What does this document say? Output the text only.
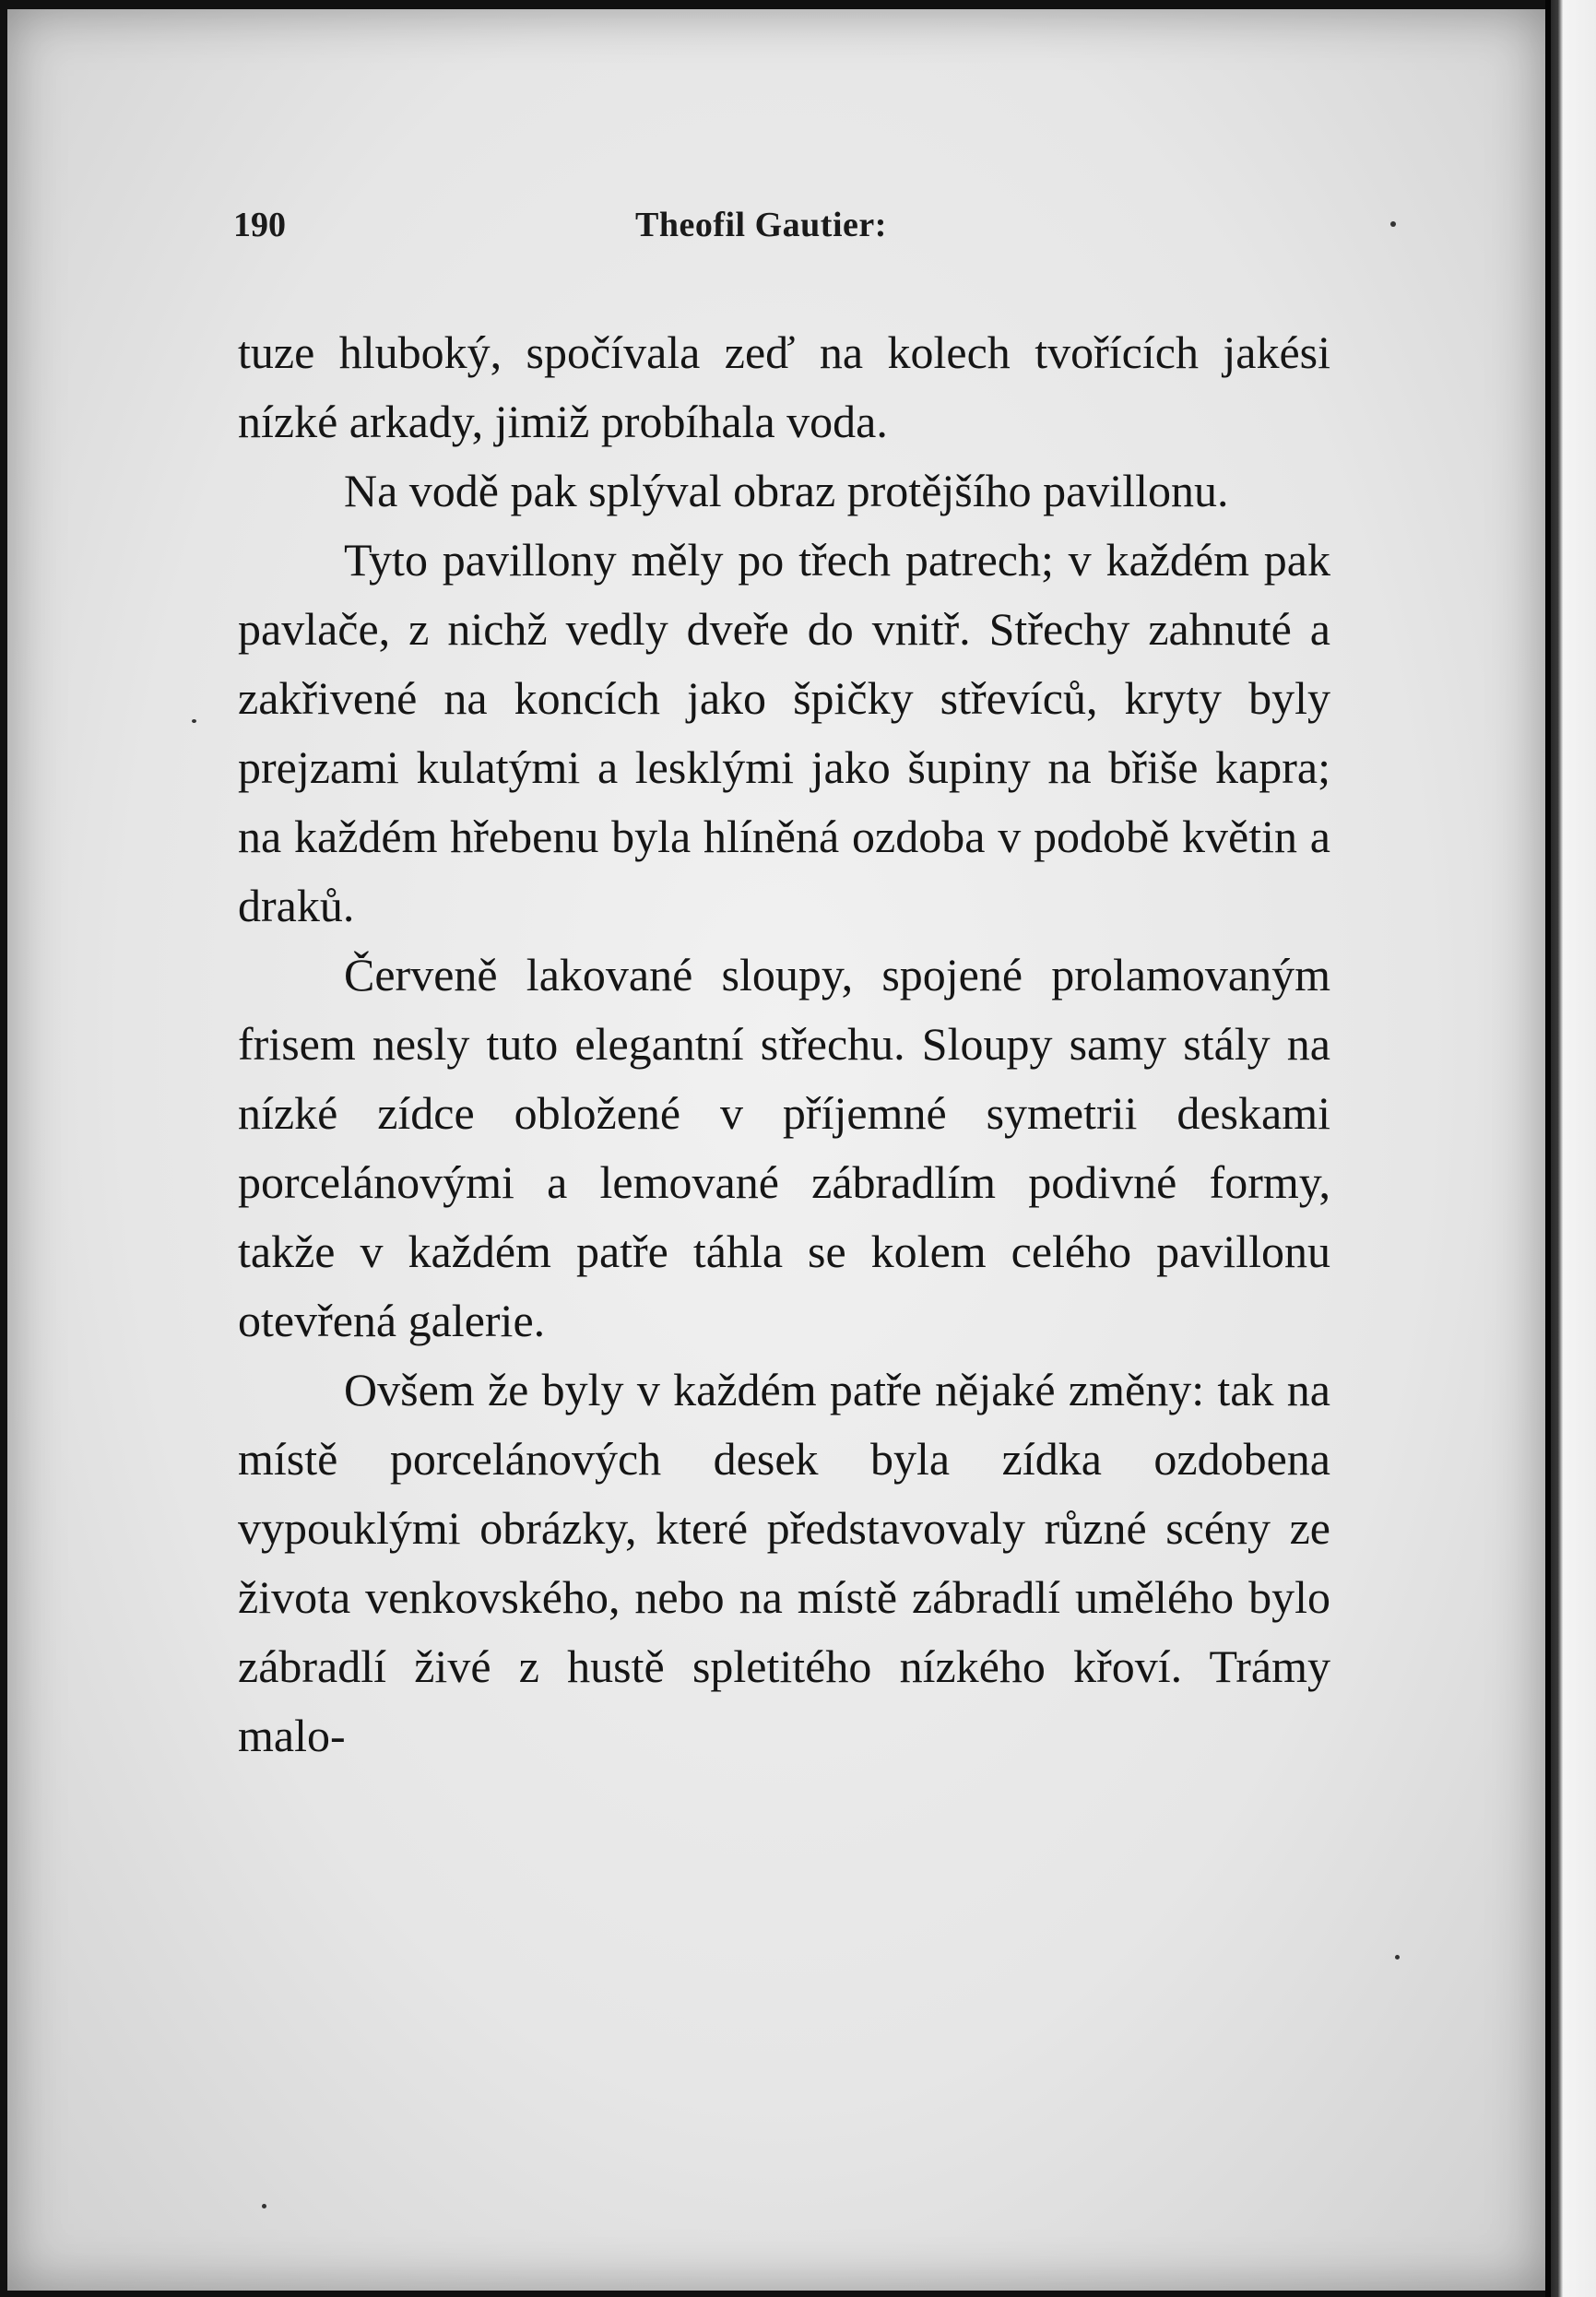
190	Theofil Gautier:

tuze hluboký, spočívala zeď na kolech tvořících jakési nízké arkady, jimiž probíhala voda.

Na vodě pak splýval obraz protějšího pavillonu.

Tyto pavillony měly po třech patrech; v každém pak pavlače, z nichž vedly dveře do vnitř. Střechy zahnuté a zakřivené na koncích jako špičky střevíců, kryty byly prejzami kulatými a lesklými jako šupiny na břiše kapra; na každém hřebenu byla hlíněná ozdoba v podobě květin a draků.

Červeně lakované sloupy, spojené prolamovaným frisem nesly tuto elegantní střechu. Sloupy samy stály na nízké zídce obložené v příjemné symetrii deskami porcelánovými a lemované zábradlím podivné formy, takže v každém patře táhla se kolem celého pavillonu otevřená galerie.

Ovšem že byly v každém patře nějaké změny: tak na místě porcelánových desek byla zídka ozdobena vypouklými obrázky, které představovaly různé scény ze života venkovského, nebo na místě zábradlí umělého bylo zábradlí živé z hustě spletitého nízkého křoví. Trámy malo-
